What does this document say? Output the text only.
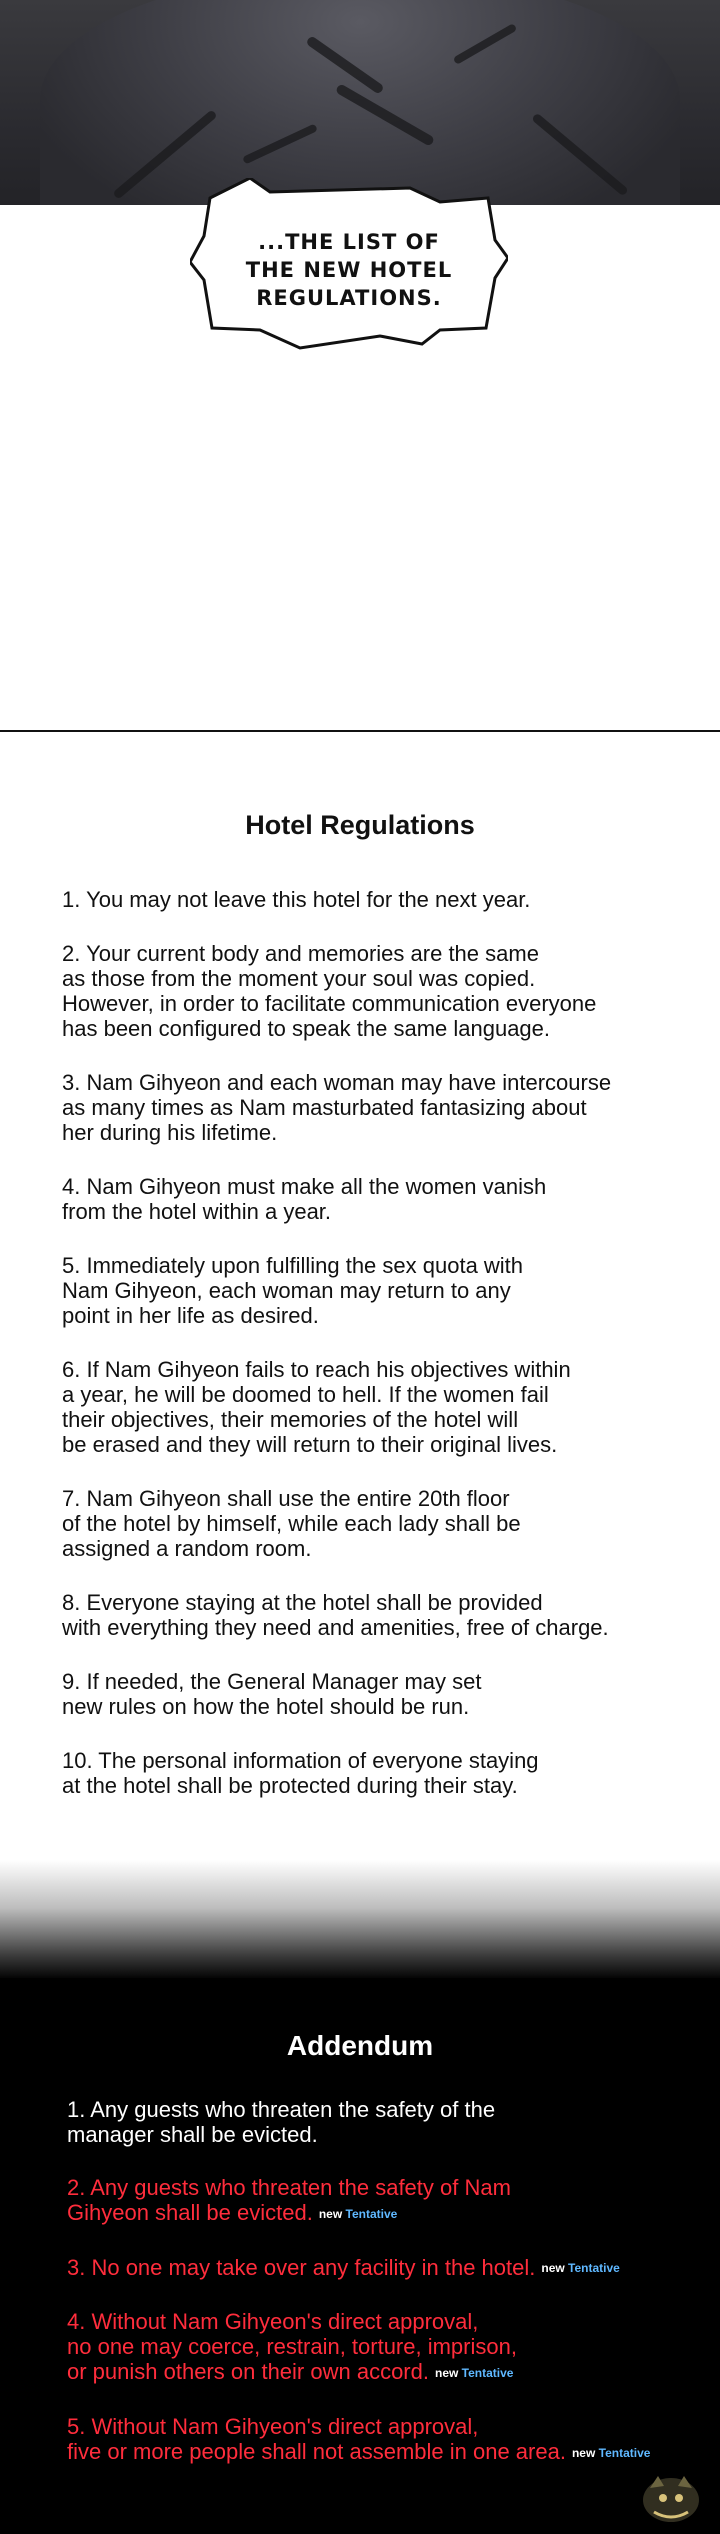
...THE LIST OF
THE NEW HOTEL
REGULATIONS.
Hotel Regulations
1. You may not leave this hotel for the next year.
2. Your current body and memories are the same
as those from the moment your soul was copied.
However, in order to facilitate communication everyone
has been configured to speak the same language.
3. Nam Gihyeon and each woman may have intercourse
as many times as Nam masturbated fantasizing about
her during his lifetime.
4. Nam Gihyeon must make all the women vanish
from the hotel within a year.
5. Immediately upon fulfilling the sex quota with
Nam Gihyeon, each woman may return to any
point in her life as desired.
6. If Nam Gihyeon fails to reach his objectives within
a year, he will be doomed to hell. If the women fail
their objectives, their memories of the hotel will
be erased and they will return to their original lives.
7. Nam Gihyeon shall use the entire 20th floor
of the hotel by himself, while each lady shall be
assigned a random room.
8. Everyone staying at the hotel shall be provided
with everything they need and amenities, free of charge.
9. If needed, the General Manager may set
new rules on how the hotel should be run.
10. The personal information of everyone staying
at the hotel shall be protected during their stay.
Addendum
1. Any guests who threaten the safety of the
manager shall be evicted.
2. Any guests who threaten the safety of Nam
Gihyeon shall be evicted. new Tentative
3. No one may take over any facility in the hotel. new Tentative
4. Without Nam Gihyeon's direct approval,
no one may coerce, restrain, torture, imprison,
or punish others on their own accord. new Tentative
5. Without Nam Gihyeon's direct approval,
five or more people shall not assemble in one area. new Tentative
